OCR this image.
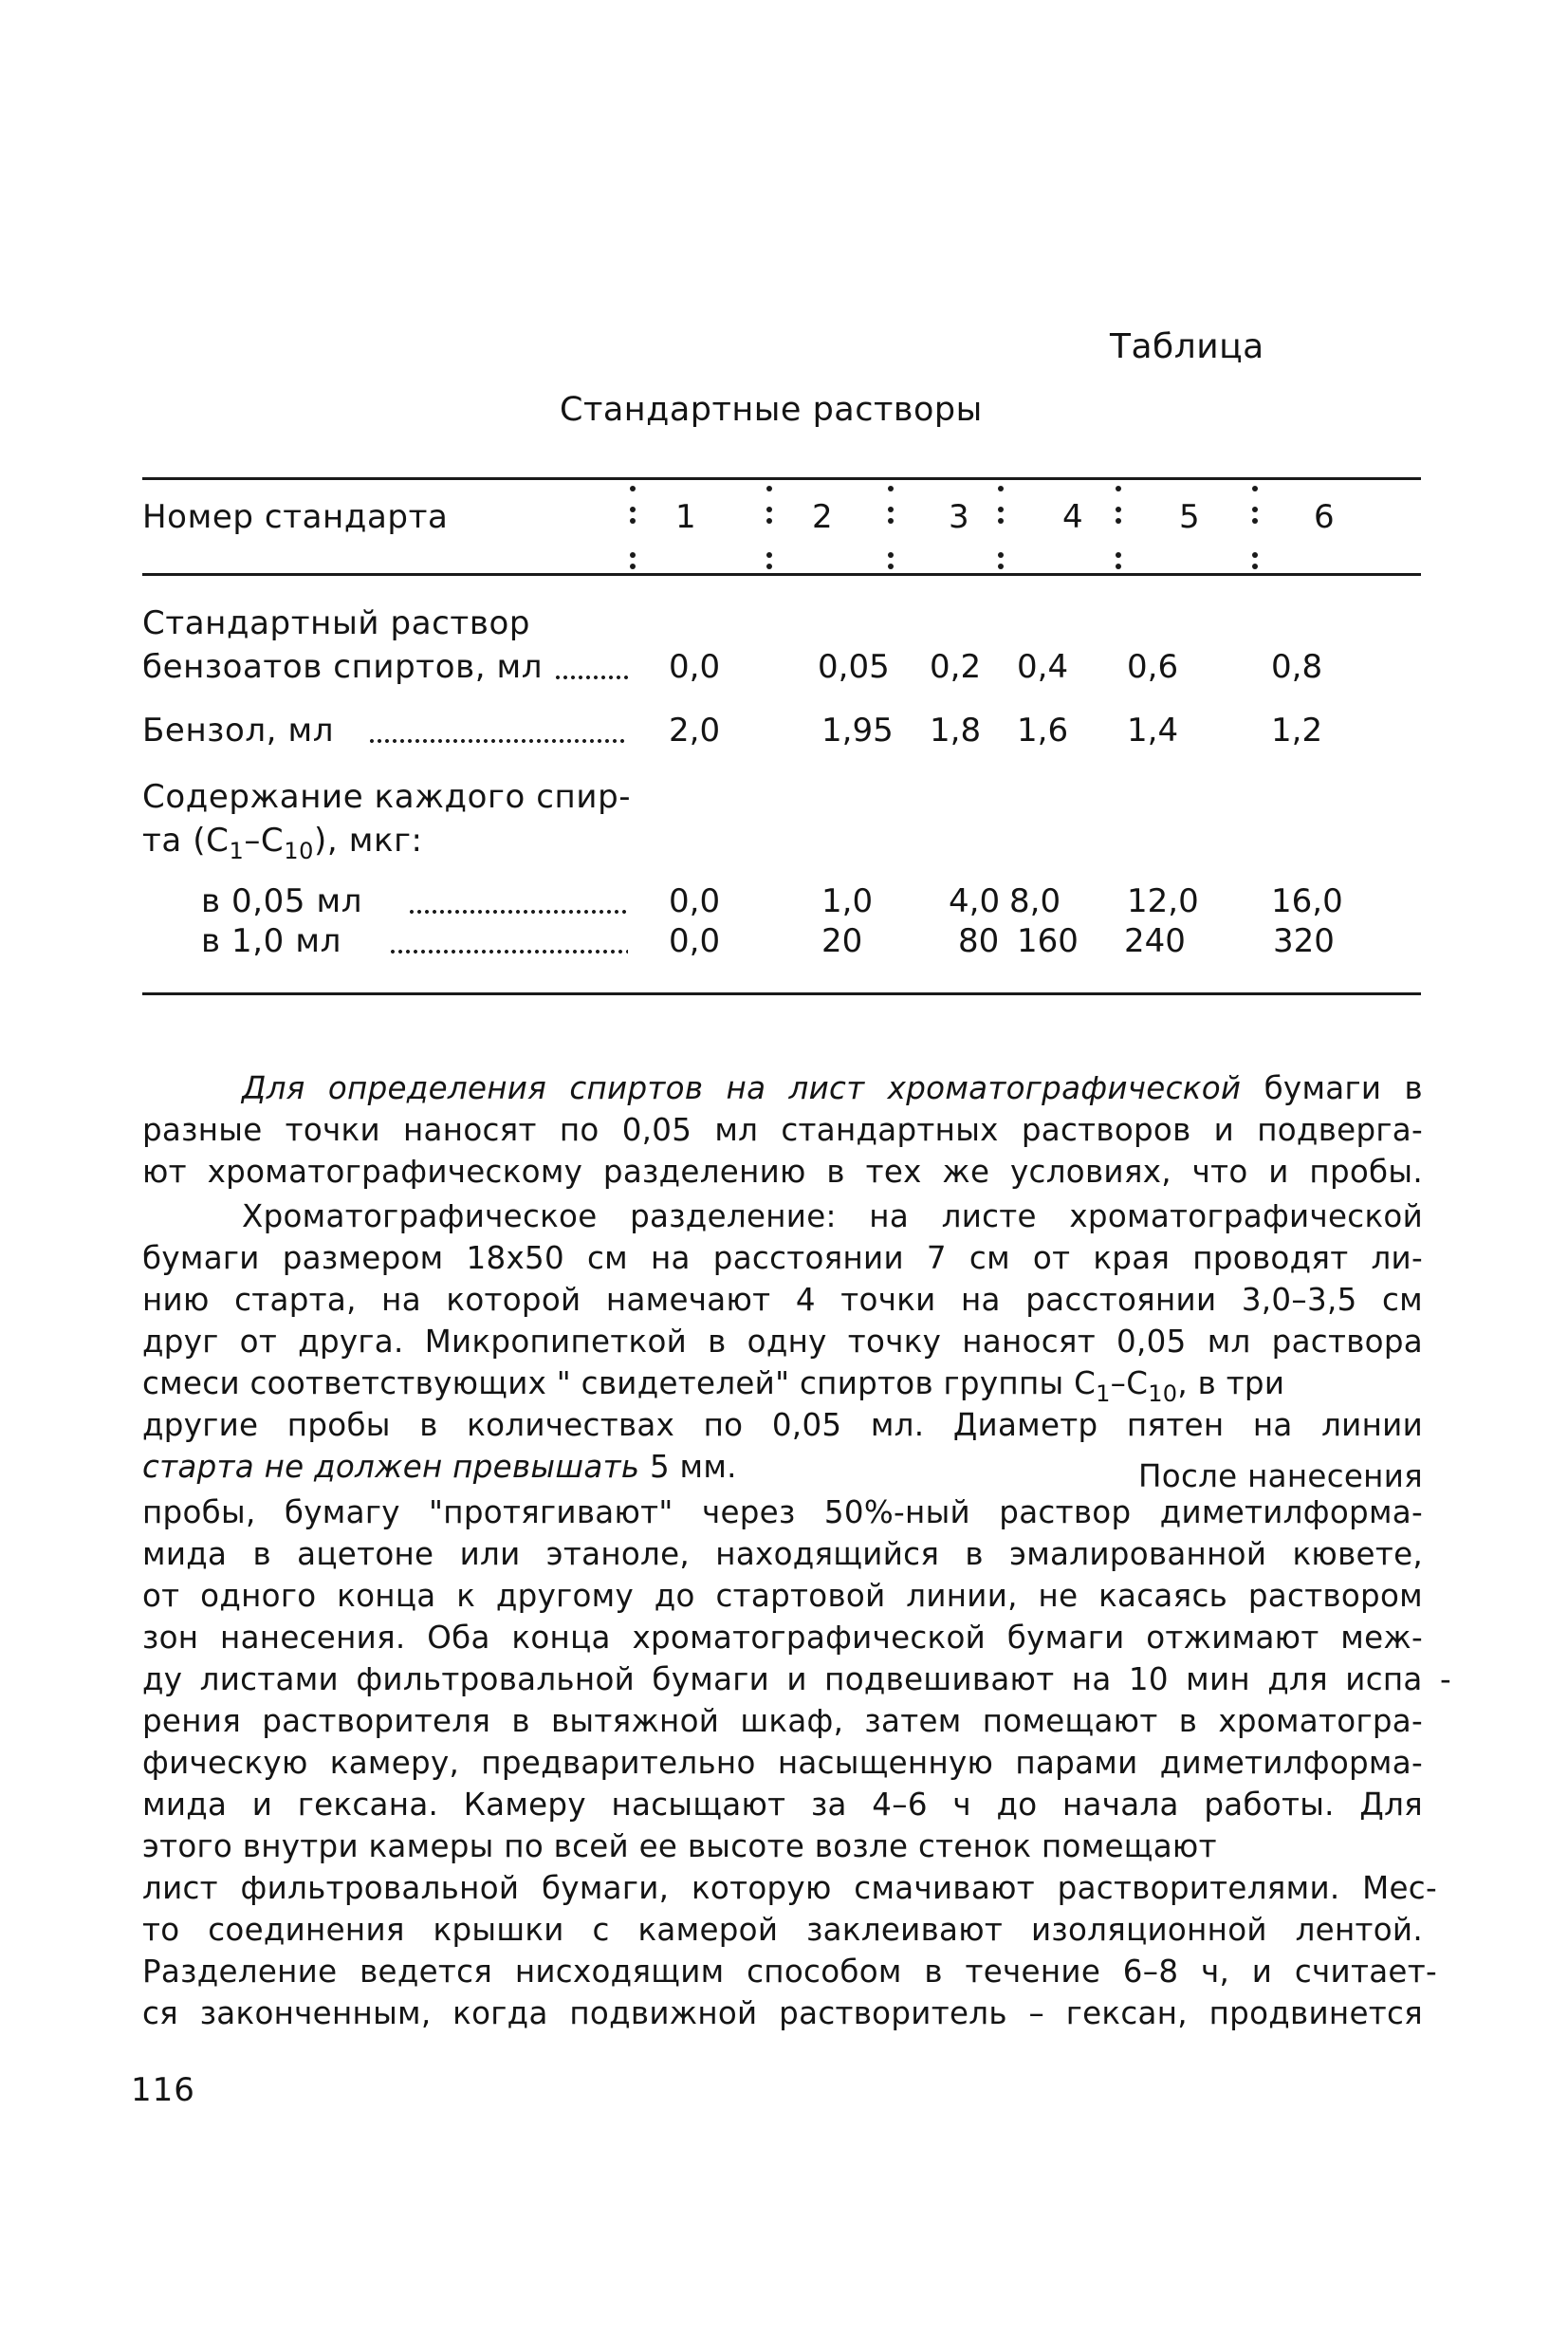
Таблица
Стандартные растворы
Номер стандарта	1	2	3	4	5	6
Стандартный раствор
бензоатов спиртов, мл	0,0	0,05 0,2 0,4 0,6	0,8
Бензол, мл	2,0	1,95 1,8 1,6 1,4	1,2
Содержание каждого спир-
та $(С_1-С_{10})$, мкг:
в 0,05 мл	0,0	1,0 4,0 8,0 12,0 16,0
в 1,0 мл	0,0	20	80 160 240	320
Для определения спиртов на лист хроматографической бумаги в
разные точки наносят по 0,05 мл стандартных растворов и подверга-
ют хроматографическому разделению в тех же условиях, что и пробы.
Хроматографическое разделение: на листе хроматографической
бумаги размером 18х50 см на расстоянии 7 см от края проводят ли-
нию старта, на которой намечают 4 точки на расстоянии 3,0–3,5 см
друг от друга. Микропипеткой в одну точку наносят 0,05 мл раствора
смеси соответствующих " свидетелей" спиртов группы $С_1-С_{10}$, в три
другие пробы в количествах по 0,05 мл. Диаметр пятен на линии
старта не должен превышать 5 мм.	После нанесения
пробы, бумагу "протягивают" через 50%-ный раствор диметилформа-
мида в ацетоне или этаноле, находящийся в эмалированной кювете,
от одного конца к другому до стартовой линии, не касаясь раствором
зон нанесения. Оба конца хроматографической бумаги отжимают меж-
ду листами фильтровальной бумаги и подвешивают на 10 мин для испа -
рения растворителя в вытяжной шкаф, затем помещают в хроматогра-
фическую камеру, предварительно насыщенную парами диметилформа-
мида и гексана. Камеру насыщают за 4–6 ч до начала работы. Для
этого внутри камеры по всей ее высоте возле стенок помещают
лист фильтровальной бумаги, которую смачивают растворителями. Мес-
то соединения крышки с камерой заклеивают изоляционной лентой.
Разделение ведется нисходящим способом в течение 6–8 ч, и считает-
ся законченным, когда подвижной растворитель – гексан, продвинется
116
